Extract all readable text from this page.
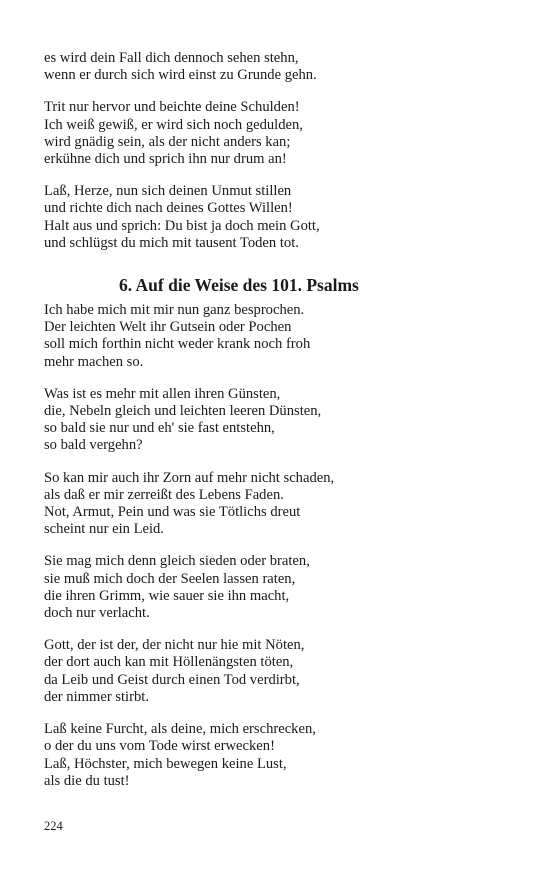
es wird dein Fall dich dennoch sehen stehn,
wenn er durch sich wird einst zu Grunde gehn.
Trit nur hervor und beichte deine Schulden!
Ich weiß gewiß, er wird sich noch gedulden,
wird gnädig sein, als der nicht anders kan;
erkühne dich und sprich ihn nur drum an!
Laß, Herze, nun sich deinen Unmut stillen
und richte dich nach deines Gottes Willen!
Halt aus und sprich: Du bist ja doch mein Gott,
und schlügst du mich mit tausent Toden tot.
6. Auf die Weise des 101. Psalms
Ich habe mich mit mir nun ganz besprochen.
Der leichten Welt ihr Gutsein oder Pochen
soll mich forthin nicht weder krank noch froh
mehr machen so.
Was ist es mehr mit allen ihren Günsten,
die, Nebeln gleich und leichten leeren Dünsten,
so bald sie nur und eh' sie fast entstehn,
so bald vergehn?
So kan mir auch ihr Zorn auf mehr nicht schaden,
als daß er mir zerreißt des Lebens Faden.
Not, Armut, Pein und was sie Tötlichs dreut
scheint nur ein Leid.
Sie mag mich denn gleich sieden oder braten,
sie muß mich doch der Seelen lassen raten,
die ihren Grimm, wie sauer sie ihn macht,
doch nur verlacht.
Gott, der ist der, der nicht nur hie mit Nöten,
der dort auch kan mit Höllenängsten töten,
da Leib und Geist durch einen Tod verdirbt,
der nimmer stirbt.
Laß keine Furcht, als deine, mich erschrecken,
o der du uns vom Tode wirst erwecken!
Laß, Höchster, mich bewegen keine Lust,
als die du tust!
224
